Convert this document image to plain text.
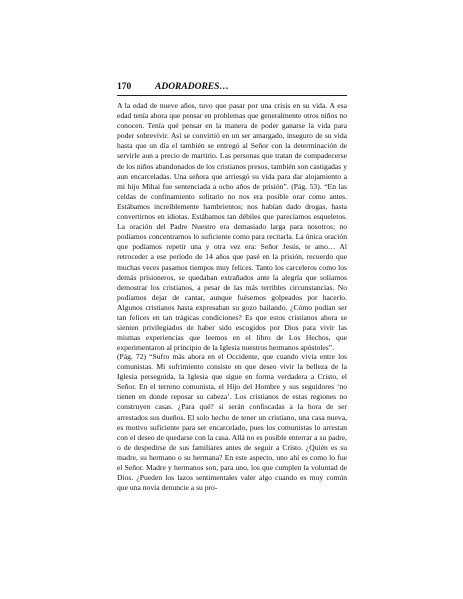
170	ADORADORES…

A la edad de nueve años, tuvo que pasar por una crisis en su vida. A esa edad tenía ahora que pensar en problemas que generalmente otros niños no conocen. Tenía qué pensar en la manera de poder ganarse la vida para poder sobrevivir. Así se convirtió en un ser amargado, inseguro de su vida hasta que un día el también se entregó al Señor con la determinación de servirle aun a precio de martirio. Las personas que tratan de compadecerse de los niños abandonados de los cristianos presos, también son castigadas y aun encarceladas. Una señora que arriesgó su vida para dar alojamiento a mi hijo Mihai fue sentenciada a ocho años de prisión”. (Pág. 53). “En las celdas de confinamiento solitario no nos era posible orar como antes. Estábamos increíblemente hambrientos; nos habían dado drogas, hasta convertirnos en idiotas. Estábamos tan débiles que parecíamos esqueletos. La oración del Padre Nuestro era demasiado larga para nosotros; no podíamos concentrarnos lo suficiente como para recitarla. La única oración que podíamos repetir una y otra vez era: Señor Jesús, te amo… Al retroceder a ese período de 14 años que pasé en la prisión, recuerdo que muchas veces pasamos tiempos muy felices. Tanto los carceleros como los demás prisioneros, se quedaban extrañados ante la alegría que solíamos demostrar los cristianos, a pesar de las más terribles circunstancias. No podíamos dejar de cantar, aunque fuésemos golpeados por hacerlo. Algunos cristianos hasta expresaban su gozo bailando. ¿Cómo podían ser tan felices en tan trágicas condiciones? Es que estos cristianos ahora se sienten privilegiados de haber sido escogidos por Dios para vivir las mismas experiencias que leemos en el libro de Los Hechos, que experimentaron al principio de la Iglesia nuestros hermanos apóstoles”.

(Pág. 72) “Sufro más ahora en el Occidente, que cuando vivía entre los comunistas. Mi sufrimiento consiste en que deseo vivir la belleza de la Iglesia perseguida, la Iglesia que sigue en forma verdadera a Cristo, el Señor. En el terreno comunista, el Hijo del Hombre y sus seguidores ‘no tienen en donde reposar su cabeza’. Los cristianos de estas regiones no construyen casas. ¿Para qué? si serán confiscadas a la hora de ser arrestados sus dueños. El solo hecho de tener un cristiano, una casa nueva, es motivo suficiente para ser encarcelado, pues los comunistas lo arrestan con el deseo de quedarse con la casa. Allá no es posible enterrar a su padre, o de despedirse de sus familiares antes de seguir a Cristo. ¿Quién es su madre, su hermano o su hermana? En este aspecto, uno ahí es como lo fue el Señor. Madre y hermanos son, para uno, los que cumplen la voluntad de Dios. ¿Pueden los lazos sentimentales valer algo cuando es muy común que una novia denuncie a su pro-
